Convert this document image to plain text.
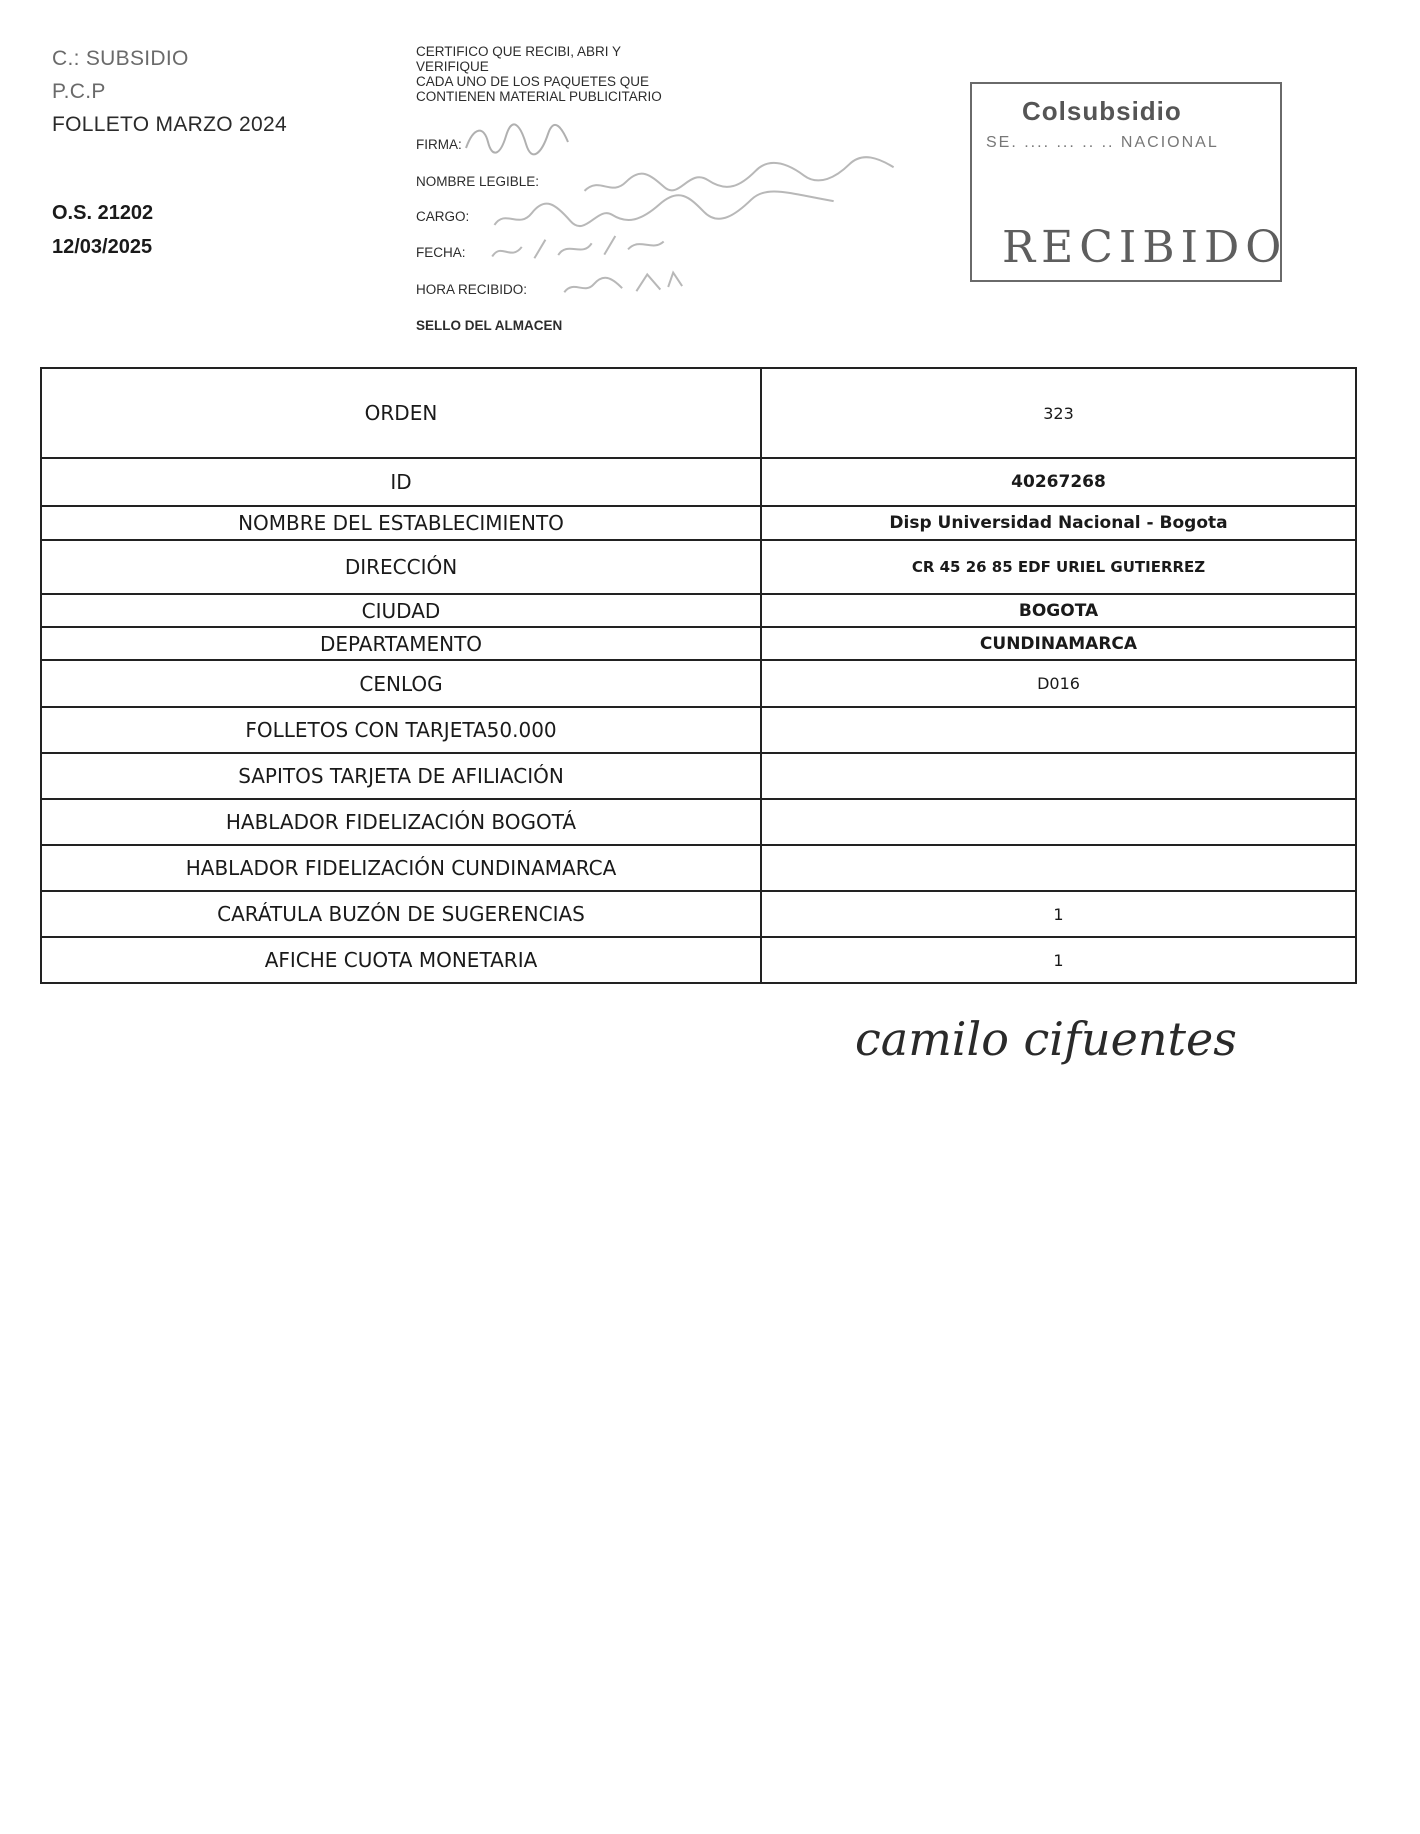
C.: SUBSIDIO
P.C.P
FOLLETO MARZO 2024
O.S. 21202
12/03/2025
CERTIFICO QUE RECIBI, ABRI Y
VERIFIQUE
CADA UNO DE LOS PAQUETES QUE
CONTIENEN MATERIAL PUBLICITARIO
FIRMA:
NOMBRE LEGIBLE:
CARGO:
FECHA:
HORA RECIBIDO:
SELLO DEL ALMACEN
Colsubsidio
SE. .... ... .. .. NACIONAL
RECIBIDO
ORDEN	323
ID	40267268
NOMBRE DEL ESTABLECIMIENTO	Disp Universidad Nacional - Bogota
DIRECCIÓN	CR 45 26 85 EDF URIEL GUTIERREZ
CIUDAD	BOGOTA
DEPARTAMENTO	CUNDINAMARCA
CENLOG	D016
FOLLETOS CON TARJETA50.000	
SAPITOS TARJETA DE AFILIACIÓN	
HABLADOR FIDELIZACIÓN BOGOTÁ	
HABLADOR FIDELIZACIÓN CUNDINAMARCA	
CARÁTULA BUZÓN DE SUGERENCIAS	1
AFICHE CUOTA MONETARIA	1
camilo cifuentes
